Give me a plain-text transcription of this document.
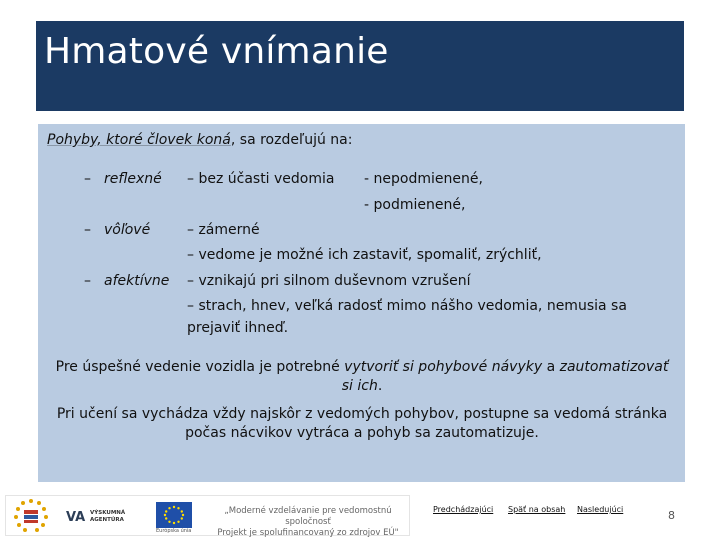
Hmatové vnímanie
Pohyby, ktoré človek koná, sa rozdeľujú na:
– reflexné – bez účasti vedomia - nepodmienené,
- podmienené,
– vôľové	– zámerné
– vedome je možné ich zastaviť, spomaliť, zrýchliť,
– afektívne – vznikajú pri silnom duševnom vzrušení
– strach, hnev, veľká radosť mimo nášho vedomia, nemusia sa
prejaviť ihneď.
Pre úspešné vedenie vozidla je potrebné vytvoriť si pohybové návyky a zautomatizovať
si ich.
Pri učení sa vychádza vždy najskôr z vedomých pohybov, postupne sa vedomá stránka
počas nácvikov vytráca a pohyb sa zautomatizuje.
VA VÝSKUMNÁ
AGENTÚRA
Európska únia
„Moderné vzdelávanie pre vedomostnú spoločnosť
Projekt je spolufinancovaný zo zdrojov EÚ"
Predchádzajúci Späť na obsah Nasledujúci	8
